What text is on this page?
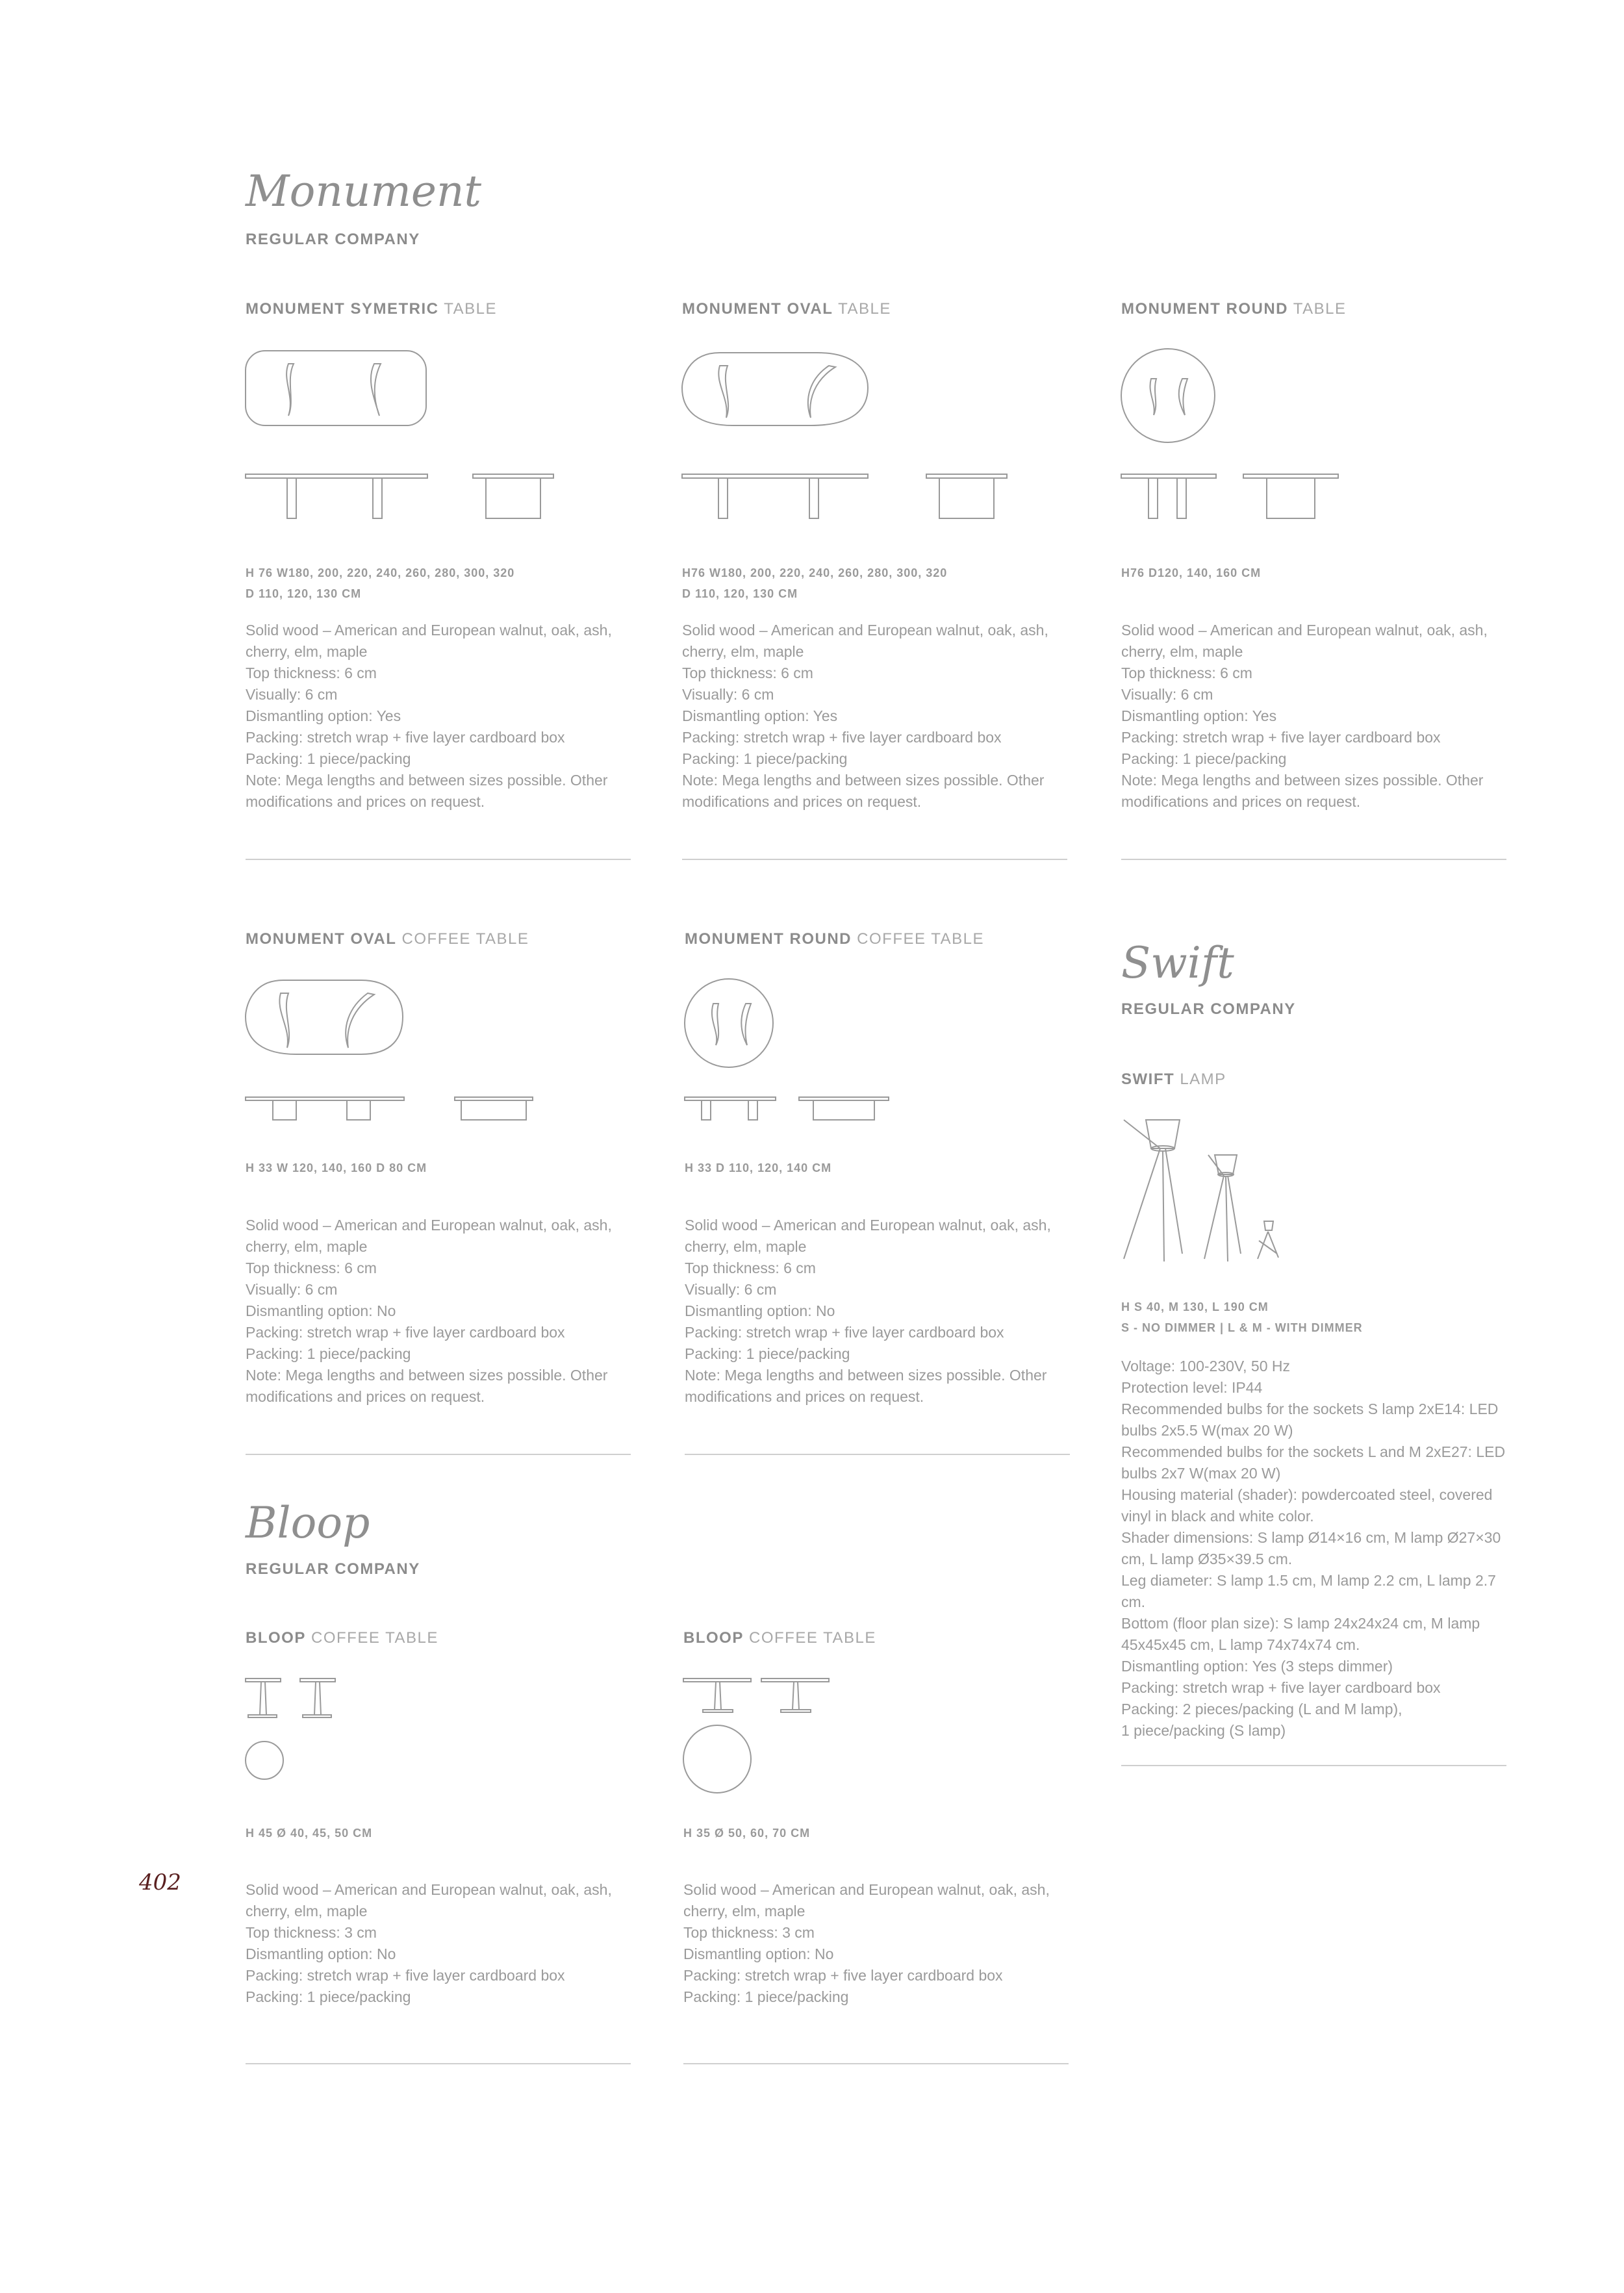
Monument
REGULAR COMPANY
MONUMENT SYMETRIC TABLE
H 76 W180, 200, 220, 240, 260, 280, 300, 320
D 110, 120, 130 CM
Solid wood – American and European walnut, oak, ash, cherry, elm, maple
Top thickness: 6 cm
Visually: 6 cm
Dismantling option: Yes
Packing: stretch wrap + five layer cardboard box
Packing: 1 piece/packing
Note: Mega lengths and between sizes possible. Other modifications and prices on request.
MONUMENT OVAL TABLE
H76 W180, 200, 220, 240, 260, 280, 300, 320
D 110, 120, 130 CM
Solid wood – American and European walnut, oak, ash, cherry, elm, maple
Top thickness: 6 cm
Visually: 6 cm
Dismantling option: Yes
Packing: stretch wrap + five layer cardboard box
Packing: 1 piece/packing
Note: Mega lengths and between sizes possible. Other modifications and prices on request.
MONUMENT ROUND TABLE
H76 D120, 140, 160 CM
Solid wood – American and European walnut, oak, ash, cherry, elm, maple
Top thickness: 6 cm
Visually: 6 cm
Dismantling option: Yes
Packing: stretch wrap + five layer cardboard box
Packing: 1 piece/packing
Note: Mega lengths and between sizes possible. Other modifications and prices on request.
MONUMENT OVAL COFFEE TABLE
H 33 W 120, 140, 160 D 80 CM
Solid wood – American and European walnut, oak, ash, cherry, elm, maple
Top thickness: 6 cm
Visually: 6 cm
Dismantling option: No
Packing: stretch wrap + five layer cardboard box
Packing: 1 piece/packing
Note: Mega lengths and between sizes possible. Other modifications and prices on request.
MONUMENT ROUND COFFEE TABLE
H 33 D 110, 120, 140 CM
Solid wood – American and European walnut, oak, ash, cherry, elm, maple
Top thickness: 6 cm
Visually: 6 cm
Dismantling option: No
Packing: stretch wrap + five layer cardboard box
Packing: 1 piece/packing
Note: Mega lengths and between sizes possible. Other modifications and prices on request.
Swift
REGULAR COMPANY
SWIFT LAMP
H S 40, M 130, L 190 CM
S - NO DIMMER | L & M - WITH DIMMER
Voltage: 100-230V, 50 Hz
Protection level: IP44
Recommended bulbs for the sockets S lamp 2xE14: LED bulbs 2x5.5 W(max 20 W)
Recommended bulbs for the sockets L and M 2xE27: LED bulbs 2x7 W(max 20 W)
Housing material (shader): powdercoated steel, covered vinyl in black and white color.
Shader dimensions: S lamp Ø14×16 cm, M lamp Ø27×30 cm, L lamp Ø35×39.5 cm.
Leg diameter: S lamp 1.5 cm, M lamp 2.2 cm, L lamp 2.7 cm.
Bottom (floor plan size): S lamp 24x24x24 cm, M lamp 45x45x45 cm, L lamp 74x74x74 cm.
Dismantling option: Yes (3 steps dimmer)
Packing: stretch wrap + five layer cardboard box
Packing: 2 pieces/packing (L and M lamp),
1 piece/packing (S lamp)
Bloop
REGULAR COMPANY
BLOOP COFFEE TABLE
H 45 Ø 40, 45, 50 CM
Solid wood – American and European walnut, oak, ash, cherry, elm, maple
Top thickness: 3 cm
Dismantling option: No
Packing: stretch wrap + five layer cardboard box
Packing: 1 piece/packing
BLOOP COFFEE TABLE
H 35 Ø 50, 60, 70 CM
Solid wood – American and European walnut, oak, ash, cherry, elm, maple
Top thickness: 3 cm
Dismantling option: No
Packing: stretch wrap + five layer cardboard box
Packing: 1 piece/packing
402
